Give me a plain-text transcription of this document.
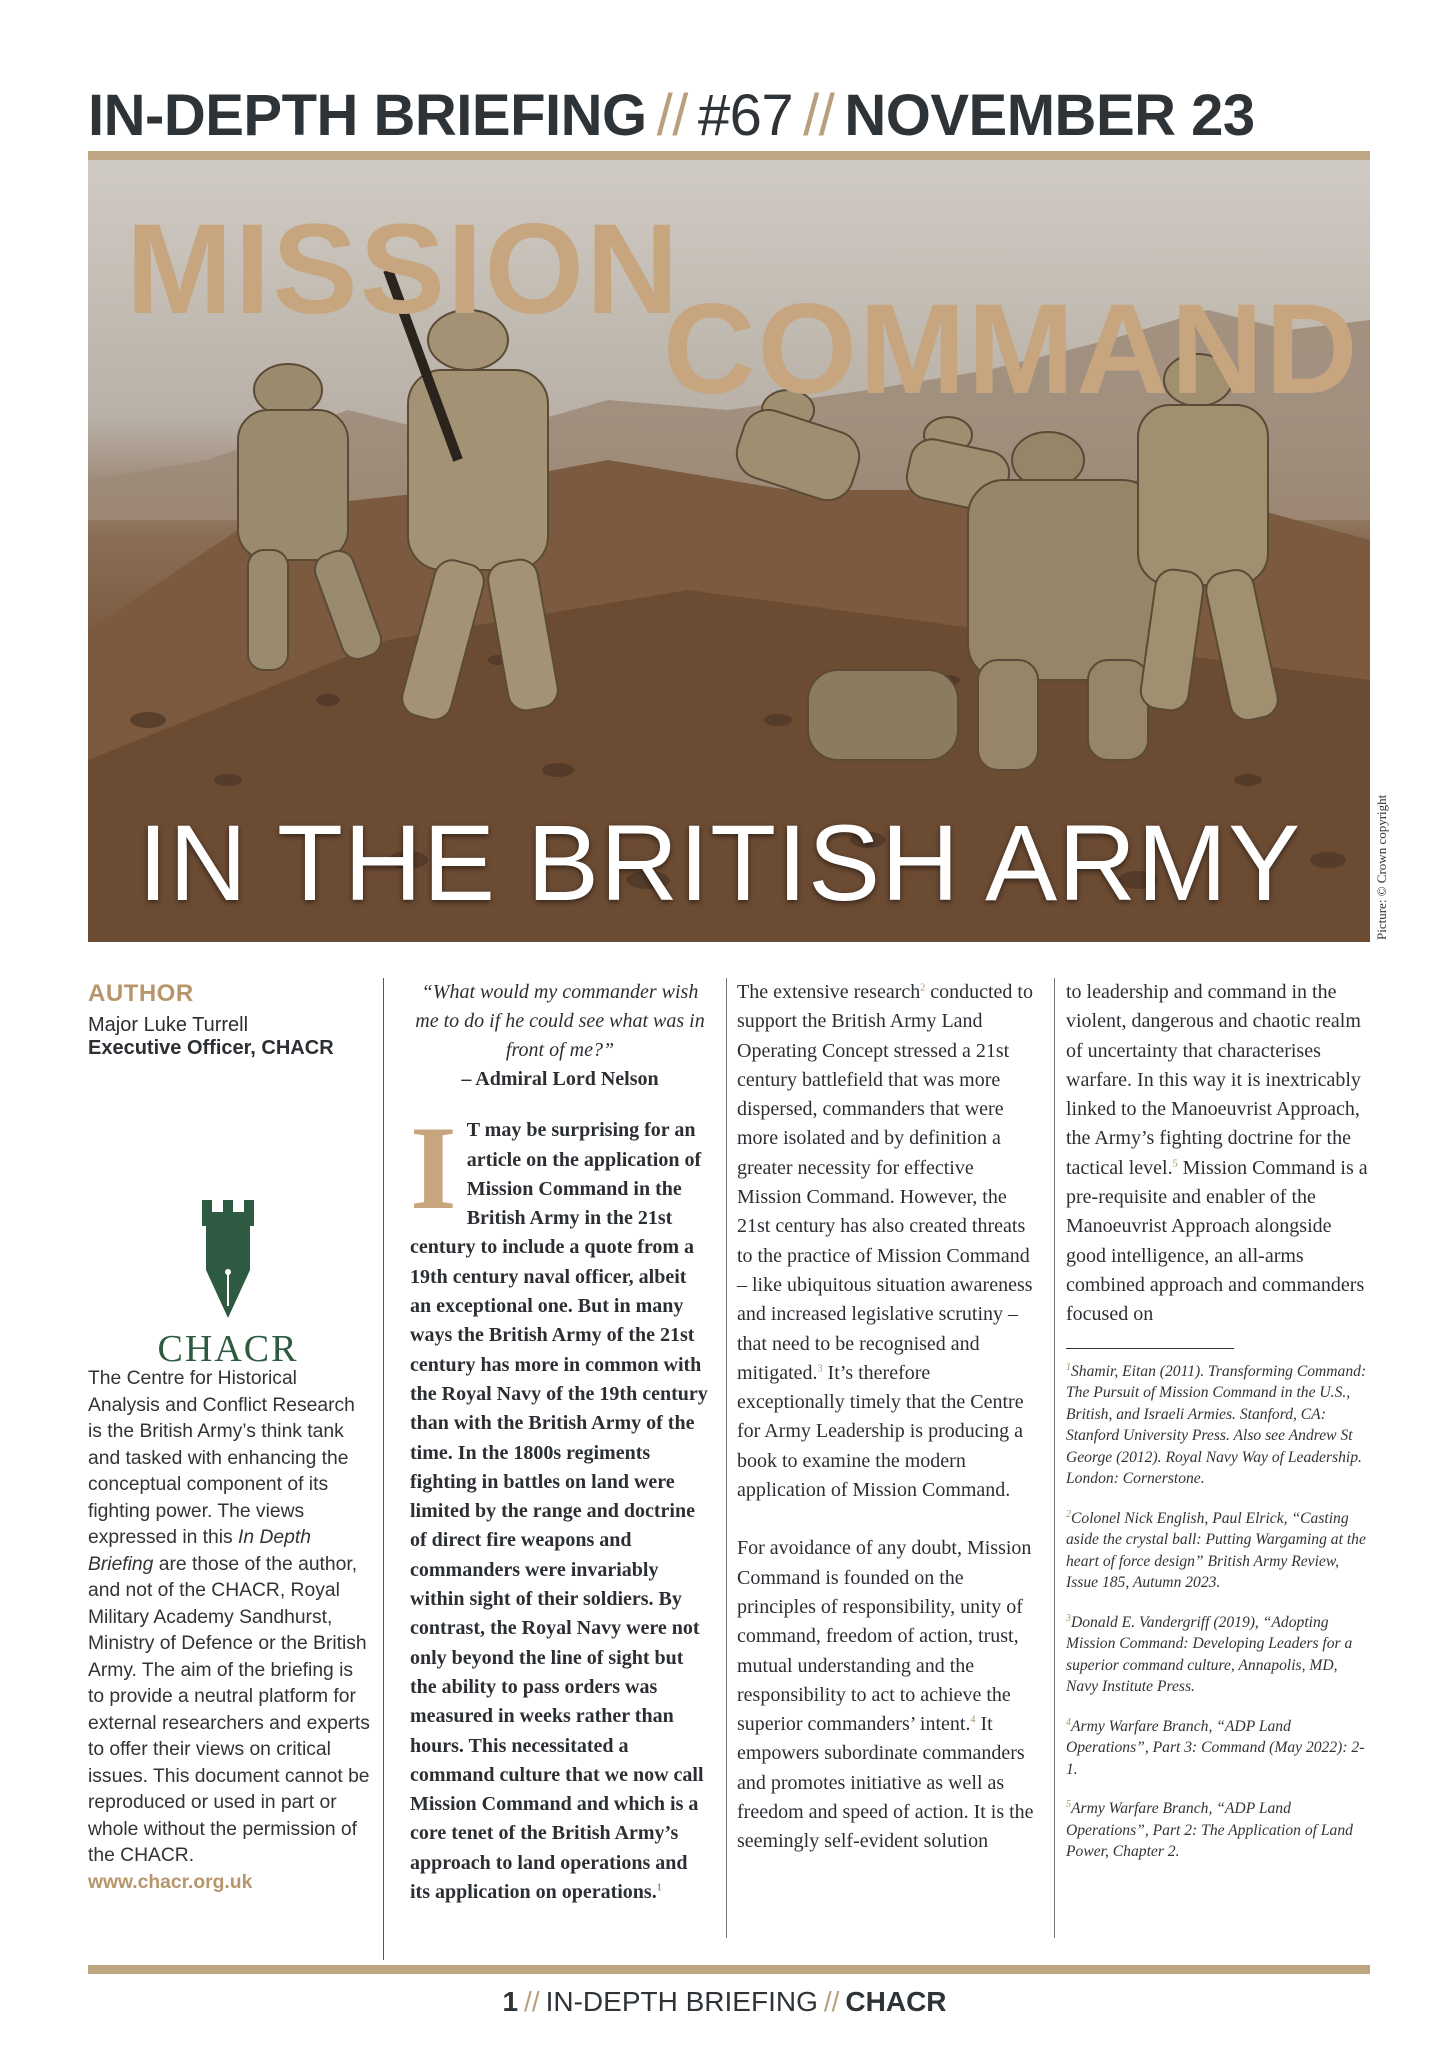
IN-DEPTH BRIEFING // #67 // NOVEMBER 23
MISSION
COMMAND
IN THE BRITISH ARMY	Picture: © Crown copyright
AUTHOR
Major Luke Turrell
Executive Officer, CHACR
CHACR
The Centre for Historical Analysis and Conflict Research is the British Army’s think tank and tasked with enhancing the conceptual component of its fighting power. The views expressed in this In Depth Briefing are those of the author, and not of the CHACR, Royal Military Academy Sandhurst, Ministry of Defence or the British Army. The aim of the briefing is to provide a neutral platform for external researchers and experts to offer their views on critical issues. This document cannot be reproduced or used in part or whole without the permission of the CHACR.
www.chacr.org.uk
“What would my commander wish me to do if he could see what was in front of me?”
– Admiral Lord Nelson
I T may be surprising for an article on the application of Mission Command in the British Army in the 21st century to include a quote from a 19th century naval officer, albeit an exceptional one. But in many ways the British Army of the 21st century has more in common with the Royal Navy of the 19th century than with the British Army of the time. In the 1800s regiments fighting in battles on land were limited by the range and doctrine of direct fire weapons and commanders were invariably within sight of their soldiers. By contrast, the Royal Navy were not only beyond the line of sight but the ability to pass orders was measured in weeks rather than hours. This necessitated a command culture that we now call Mission Command and which is a core tenet of the British Army’s approach to land operations and its application on operations.$^1$
The extensive research$^2$ conducted to support the British Army Land Operating Concept stressed a 21st century battlefield that was more dispersed, commanders that were more isolated and by definition a greater necessity for effective Mission Command. However, the 21st century has also created threats to the practice of Mission Command – like ubiquitous situation awareness and increased legislative scrutiny – that need to be recognised and mitigated.$^3$ It’s therefore exceptionally timely that the Centre for Army Leadership is producing a book to examine the modern application of Mission Command.
For avoidance of any doubt, Mission Command is founded on the principles of responsibility, unity of command, freedom of action, trust, mutual understanding and the responsibility to act to achieve the superior commanders’ intent.$^4$ It empowers subordinate commanders and promotes initiative as well as freedom and speed of action. It is the seemingly self-evident solution
to leadership and command in the violent, dangerous and chaotic realm of uncertainty that characterises warfare. In this way it is inextricably linked to the Manoeuvrist Approach, the Army’s fighting doctrine for the tactical level.$^5$ Mission Command is a pre-requisite and enabler of the Manoeuvrist Approach alongside good intelligence, an all-arms combined approach and commanders focused on
$^1$Shamir, Eitan (2011). Transforming Command: The Pursuit of Mission Command in the U.S., British, and Israeli Armies. Stanford, CA: Stanford University Press. Also see Andrew St George (2012). Royal Navy Way of Leadership. London: Cornerstone.
$^2$Colonel Nick English, Paul Elrick, “Casting aside the crystal ball: Putting Wargaming at the heart of force design” British Army Review, Issue 185, Autumn 2023.
$^3$Donald E. Vandergriff (2019), “Adopting Mission Command: Developing Leaders for a superior command culture, Annapolis, MD, Navy Institute Press.
$^4$Army Warfare Branch, “ADP Land Operations”, Part 3: Command (May 2022): 2-1.
$^5$Army Warfare Branch, “ADP Land Operations”, Part 2: The Application of Land Power, Chapter 2.
1 // IN-DEPTH BRIEFING // CHACR
